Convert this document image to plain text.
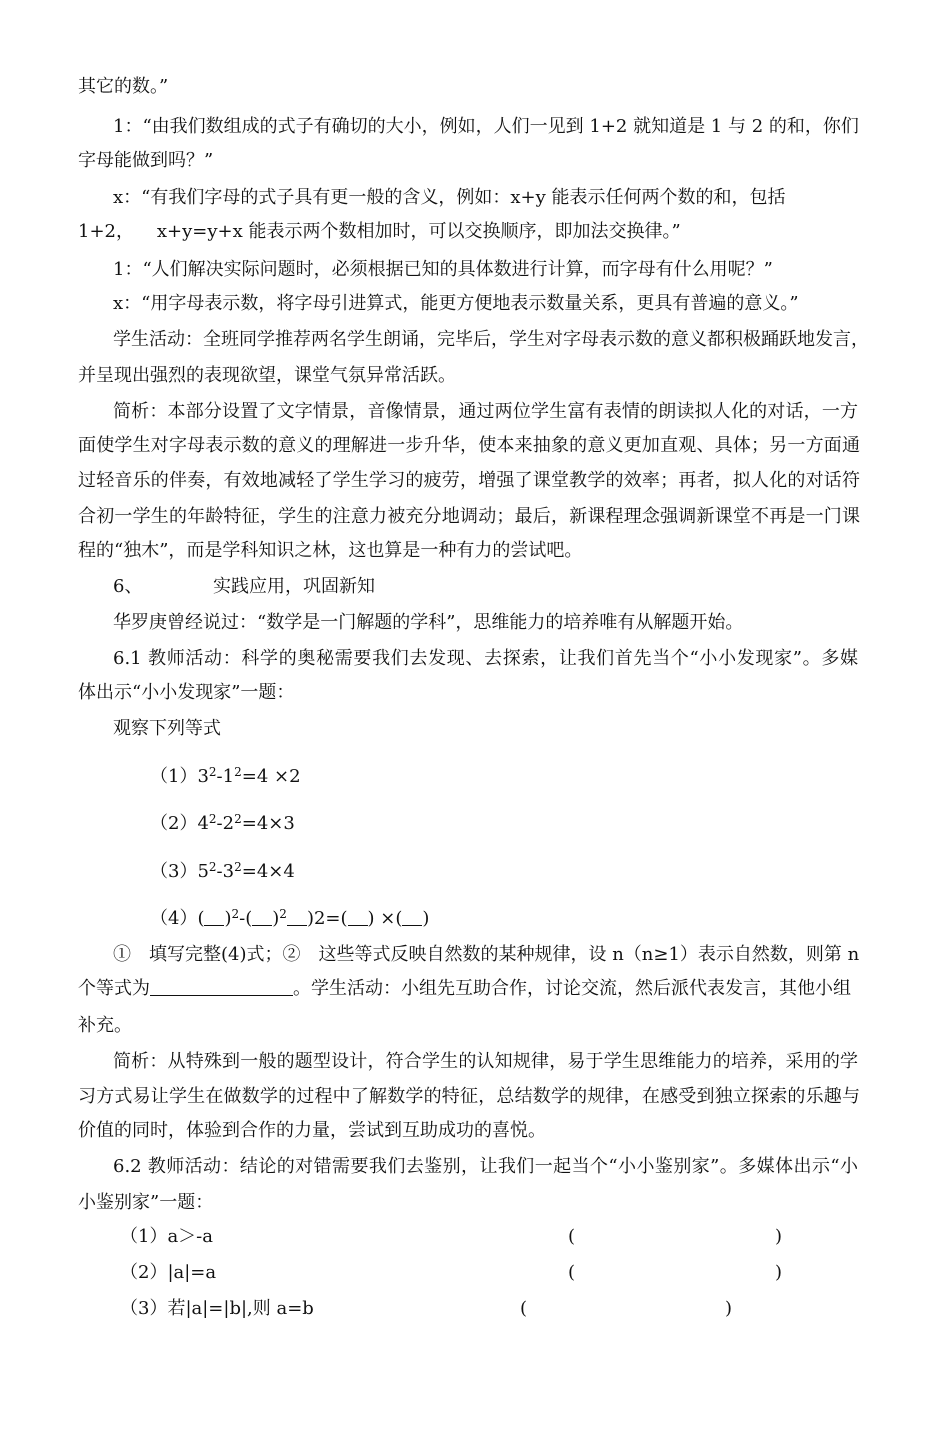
其它的数。”
1：“由我们数组成的式子有确切的大小，例如，人们一见到 1+2 就知道是 1 与 2 的和，你们
字母能做到吗？”
x：“有我们字母的式子具有更一般的含义，例如：x+y 能表示任何两个数的和，包括
1+2，    x+y=y+x 能表示两个数相加时，可以交换顺序，即加法交换律。”
1：“人们解决实际问题时，必须根据已知的具体数进行计算，而字母有什么用呢？”
x：“用字母表示数，将字母引进算式，能更方便地表示数量关系，更具有普遍的意义。”
学生活动：全班同学推荐两名学生朗诵，完毕后，学生对字母表示数的意义都积极踊跃地发言，
并呈现出强烈的表现欲望，课堂气氛异常活跃。
简析：本部分设置了文字情景，音像情景，通过两位学生富有表情的朗读拟人化的对话，一方
面使学生对字母表示数的意义的理解进一步升华，使本来抽象的意义更加直观、具体；另一方面通
过轻音乐的伴奏，有效地减轻了学生学习的疲劳，增强了课堂教学的效率；再者，拟人化的对话符
合初一学生的年龄特征，学生的注意力被充分地调动；最后，新课程理念强调新课堂不再是一门课
程的“独木”，而是学科知识之林，这也算是一种有力的尝试吧。
6、	实践应用，巩固新知
华罗庚曾经说过：“数学是一门解题的学科”，思维能力的培养唯有从解题开始。
6.1 教师活动：科学的奥秘需要我们去发现、去探索，让我们首先当个“小小发现家”。多媒
体出示“小小发现家”一题：
观察下列等式
$(1)3^2-1^2=4 \times 2$
$(2)4^2-2^2=4\times 3$
$(3)5^2-3^2=4\times 4$
（4）( )$^2$-( )$^2$ )2=( ) ×( )
①　填写完整(4)式；②　这些等式反映自然数的某种规律，设 n（n≥1）表示自然数，则第 n
个等式为	。学生活动：小组先互助合作，讨论交流，然后派代表发言，其他小组
补充。
简析：从特殊到一般的题型设计，符合学生的认知规律，易于学生思维能力的培养，采用的学
习方式易让学生在做数学的过程中了解数学的特征，总结数学的规律，在感受到独立探索的乐趣与
价值的同时，体验到合作的力量，尝试到互助成功的喜悦。
6.2 教师活动：结论的对错需要我们去鉴别，让我们一起当个“小小鉴别家”。多媒体出示“小
小鉴别家”一题：
（1）a＞-a	(	)
（2）|a|=a	(	)
（3）若|a|=|b|,则 a=b	(	)
